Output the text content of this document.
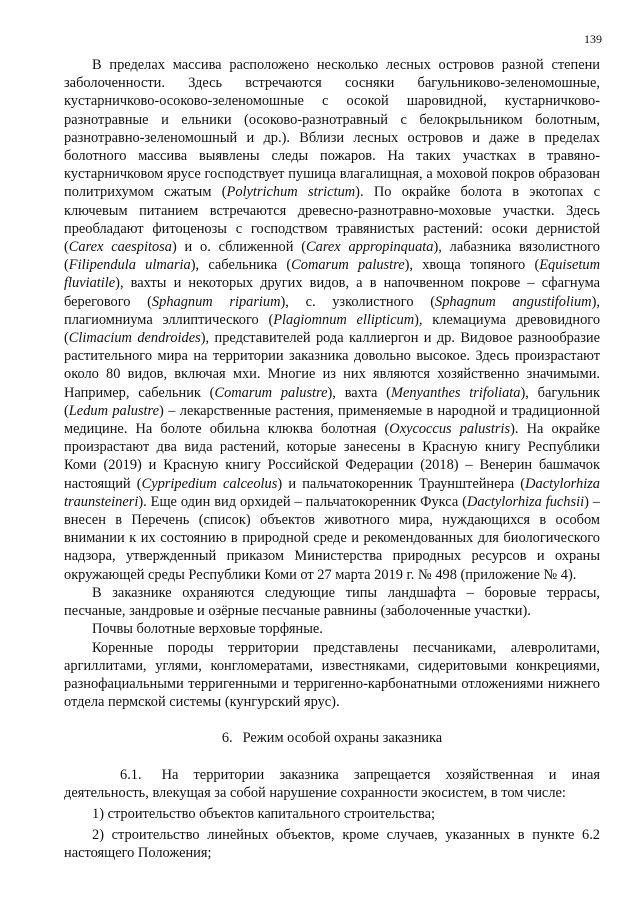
139

В пределах массива расположено несколько лесных островов разной степени заболоченности. Здесь встречаются сосняки багульниково-зеленомошные, кустарничково-осоково-зеленомошные с осокой шаровидной, кустарничково-разнотравные и ельники (осоково-разнотравный с белокрыльником болотным, разнотравно-зеленомошный и др.). Вблизи лесных островов и даже в пределах болотного массива выявлены следы пожаров. На таких участках в травяно-кустарничковом ярусе господствует пушица влагалищная, а моховой покров образован политрихумом сжатым (Polytrichum strictum). По окрайке болота в экотопах с ключевым питанием встречаются древесно-разнотравно-моховые участки. Здесь преобладают фитоценозы с господством травянистых растений: осоки дернистой (Carex caespitosa) и о. сближенной (Carex appropinquata), лабазника вязолистного (Filipendula ulmaria), сабельника (Comarum palustre), хвоща топяного (Equisetum fluviatile), вахты и некоторых других видов, а в напочвенном покрове – сфагнума берегового (Sphagnum riparium), с. узколистного (Sphagnum angustifolium), плагиомниума эллиптического (Plagiomnum ellipticum), клемациума древовидного (Climacium dendroides), представителей рода каллиергон и др. Видовое разнообразие растительного мира на территории заказника довольно высокое. Здесь произрастают около 80 видов, включая мхи. Многие из них являются хозяйственно значимыми. Например, сабельник (Comarum palustre), вахта (Menyanthes trifoliata), багульник (Ledum palustre) – лекарственные растения, применяемые в народной и традиционной медицине. На болоте обильна клюква болотная (Oxycoccus palustris). На окрайке произрастают два вида растений, которые занесены в Красную книгу Республики Коми (2019) и Красную книгу Российской Федерации (2018) – Венерин башмачок настоящий (Cypripedium calceolus) и пальчатокоренник Траунштейнера (Dactylorhiza traunsteineri). Еще один вид орхидей – пальчатокоренник Фукса (Dactylorhiza fuchsii) – внесен в Перечень (список) объектов животного мира, нуждающихся в особом внимании к их состоянию в природной среде и рекомендованных для биологического надзора, утвержденный приказом Министерства природных ресурсов и охраны окружающей среды Республики Коми от 27 марта 2019 г. № 498 (приложение № 4).

В заказнике охраняются следующие типы ландшафта – боровые террасы, песчаные, зандровые и озёрные песчаные равнины (заболоченные участки).

Почвы болотные верховые торфяные.

Коренные породы территории представлены песчаниками, алевролитами, аргиллитами, углями, конгломератами, известняками, сидеритовыми конкрециями, разнофациальными терригенными и терригенно-карбонатными отложениями нижнего отдела пермской системы (кунгурский ярус).

6. Режим особой охраны заказника

6.1. На территории заказника запрещается хозяйственная и иная деятельность, влекущая за собой нарушение сохранности экосистем, в том числе:

1) строительство объектов капитального строительства;

2) строительство линейных объектов, кроме случаев, указанных в пункте 6.2 настоящего Положения;
